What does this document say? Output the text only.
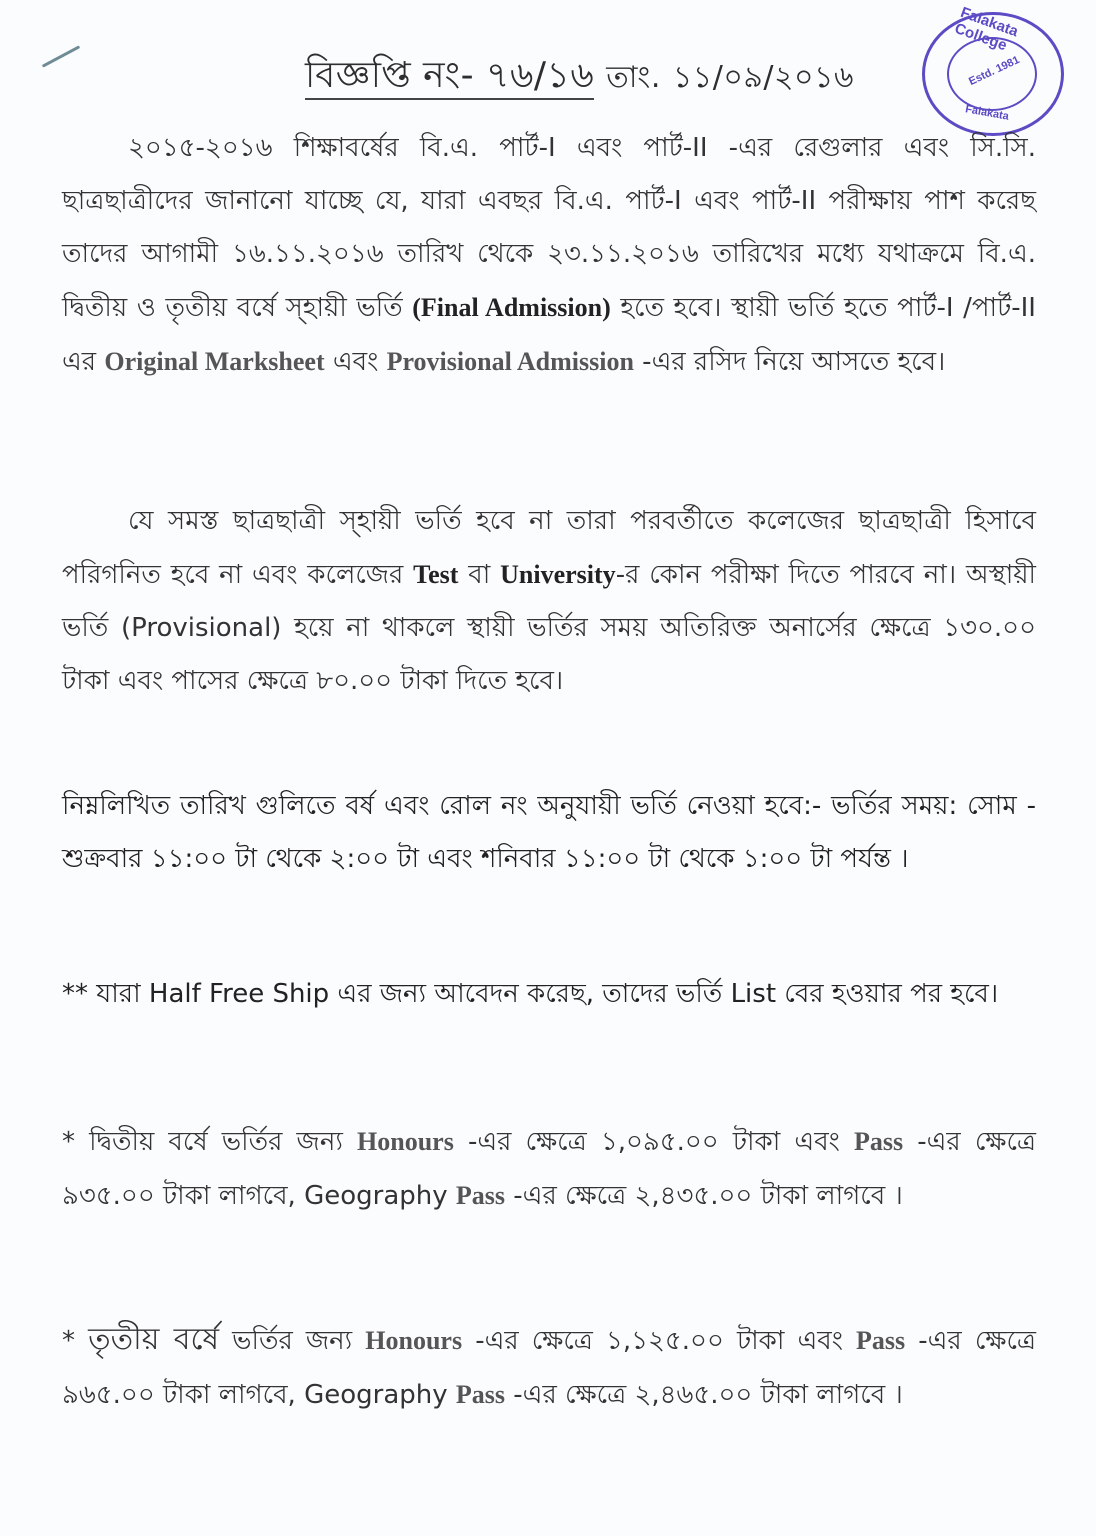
বিজ্ঞপ্তি নং- ৭৬/১৬ তাং. ১১/০৯/২০১৬
Falakata College
Estd. 1981
Falakata
২০১৫-২০১৬ শিক্ষাবর্ষের বি.এ. পার্ট-I এবং পার্ট-II -এর রেগুলার এবং সি.সি. ছাত্রছাত্রীদের জানানো যাচ্ছে যে, যারা এবছর বি.এ. পার্ট-I এবং পার্ট-II পরীক্ষায় পাশ করেছ তাদের আগামী ১৬.১১.২০১৬ তারিখ থেকে ২৩.১১.২০১৬ তারিখের মধ্যে যথাক্রমে বি.এ. দ্বিতীয় ও তৃতীয় বর্ষে স্হায়ী ভর্তি (Final Admission) হতে হবে। স্থায়ী ভর্তি হতে পার্ট-I /পার্ট-II এর Original Marksheet এবং Provisional Admission -এর রসিদ নিয়ে আসতে হবে।
যে সমস্ত ছাত্রছাত্রী স্হায়ী ভর্তি হবে না তারা পরবর্তীতে কলেজের ছাত্রছাত্রী হিসাবে পরিগনিত হবে না এবং কলেজের Test বা University-র কোন পরীক্ষা দিতে পারবে না। অস্থায়ী ভর্তি (Provisional) হয়ে না থাকলে স্থায়ী ভর্তির সময় অতিরিক্ত অনার্সের ক্ষেত্রে ১৩০.০০ টাকা এবং পাসের ক্ষেত্রে ৮০.০০ টাকা দিতে হবে।
নিম্নলিখিত তারিখ গুলিতে বর্ষ এবং রোল নং অনুযায়ী ভর্তি নেওয়া হবে:- ভর্তির সময়: সোম - শুক্রবার ১১:০০ টা থেকে ২:০০ টা এবং শনিবার ১১:০০ টা থেকে ১:০০ টা পর্যন্ত ।
** যারা Half Free Ship এর জন্য আবেদন করেছ, তাদের ভর্তি List বের হওয়ার পর হবে।
* দ্বিতীয় বর্ষে ভর্তির জন্য Honours -এর ক্ষেত্রে ১,০৯৫.০০ টাকা এবং Pass -এর ক্ষেত্রে ৯৩৫.০০ টাকা লাগবে, Geography Pass -এর ক্ষেত্রে ২,৪৩৫.০০ টাকা লাগবে ।
* তৃতীয় বর্ষে ভর্তির জন্য Honours -এর ক্ষেত্রে ১,১২৫.০০ টাকা এবং Pass -এর ক্ষেত্রে ৯৬৫.০০ টাকা লাগবে, Geography Pass -এর ক্ষেত্রে ২,৪৬৫.০০ টাকা লাগবে ।
